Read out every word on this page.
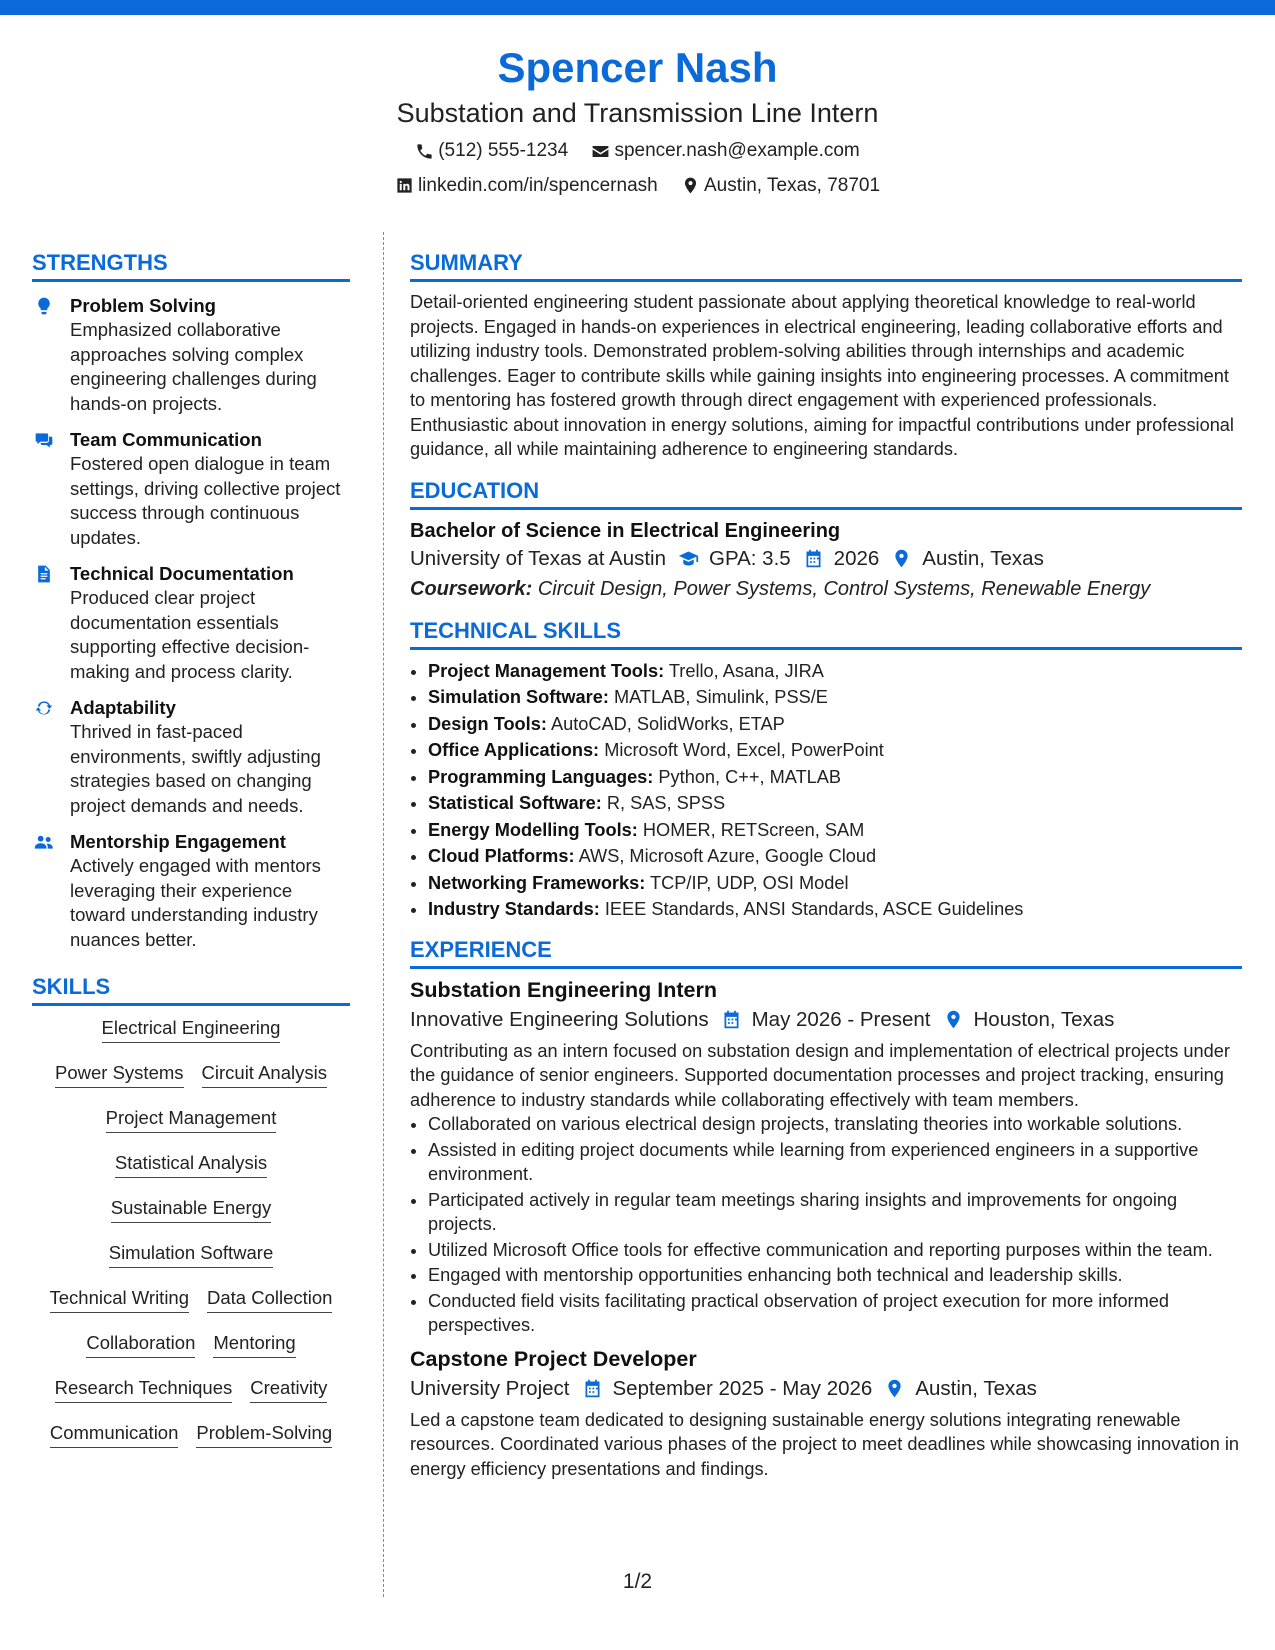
Spencer Nash
Substation and Transmission Line Intern
(512) 555-1234
spencer.nash@example.com
linkedin.com/in/spencernash
Austin, Texas, 78701
STRENGTHS
Problem Solving
Emphasized collaborative approaches solving complex engineering challenges during hands-on projects.
Team Communication
Fostered open dialogue in team settings, driving collective project success through continuous updates.
Technical Documentation
Produced clear project documentation essentials supporting effective decision-making and process clarity.
Adaptability
Thrived in fast-paced environments, swiftly adjusting strategies based on changing project demands and needs.
Mentorship Engagement
Actively engaged with mentors leveraging their experience toward understanding industry nuances better.
SKILLS
Electrical Engineering
Power Systems Circuit Analysis
Project Management
Statistical Analysis
Sustainable Energy
Simulation Software
Technical Writing Data Collection
Collaboration Mentoring
Research Techniques Creativity
Communication Problem-Solving
SUMMARY

Detail-oriented engineering student passionate about applying theoretical knowledge to real-world projects. Engaged in hands-on experiences in electrical engineering, leading collaborative efforts and utilizing industry tools. Demonstrated problem-solving abilities through internships and academic challenges. Eager to contribute skills while gaining insights into engineering processes. A commitment to mentoring has fostered growth through direct engagement with experienced professionals. Enthusiastic about innovation in energy solutions, aiming for impactful contributions under professional guidance, all while maintaining adherence to engineering standards.

EDUCATION
Bachelor of Science in Electrical Engineering
University of Texas at Austin GPA: 3.5 2026 Austin, Texas
Coursework: Circuit Design, Power Systems, Control Systems, Renewable Energy
TECHNICAL SKILLS
• Project Management Tools: Trello, Asana, JIRA
• Simulation Software: MATLAB, Simulink, PSS/E
• Design Tools: AutoCAD, SolidWorks, ETAP
• Office Applications: Microsoft Word, Excel, PowerPoint
• Programming Languages: Python, C++, MATLAB
• Statistical Software: R, SAS, SPSS
• Energy Modelling Tools: HOMER, RETScreen, SAM
• Cloud Platforms: AWS, Microsoft Azure, Google Cloud
• Networking Frameworks: TCP/IP, UDP, OSI Model
• Industry Standards: IEEE Standards, ANSI Standards, ASCE Guidelines
EXPERIENCE
Substation Engineering Intern
Innovative Engineering Solutions May 2026 - Present Houston, Texas

Contributing as an intern focused on substation design and implementation of electrical projects under the guidance of senior engineers. Supported documentation processes and project tracking, ensuring adherence to industry standards while collaborating effectively with team members.

• Collaborated on various electrical design projects, translating theories into workable solutions.
• Assisted in editing project documents while learning from experienced engineers in a supportive environment.
• Participated actively in regular team meetings sharing insights and improvements for ongoing projects.
• Utilized Microsoft Office tools for effective communication and reporting purposes within the team.
• Engaged with mentorship opportunities enhancing both technical and leadership skills.
• Conducted field visits facilitating practical observation of project execution for more informed perspectives.
Capstone Project Developer
University Project September 2025 - May 2026 Austin, Texas

Led a capstone team dedicated to designing sustainable energy solutions integrating renewable resources. Coordinated various phases of the project to meet deadlines while showcasing innovation in energy efficiency presentations and findings.

1/2
